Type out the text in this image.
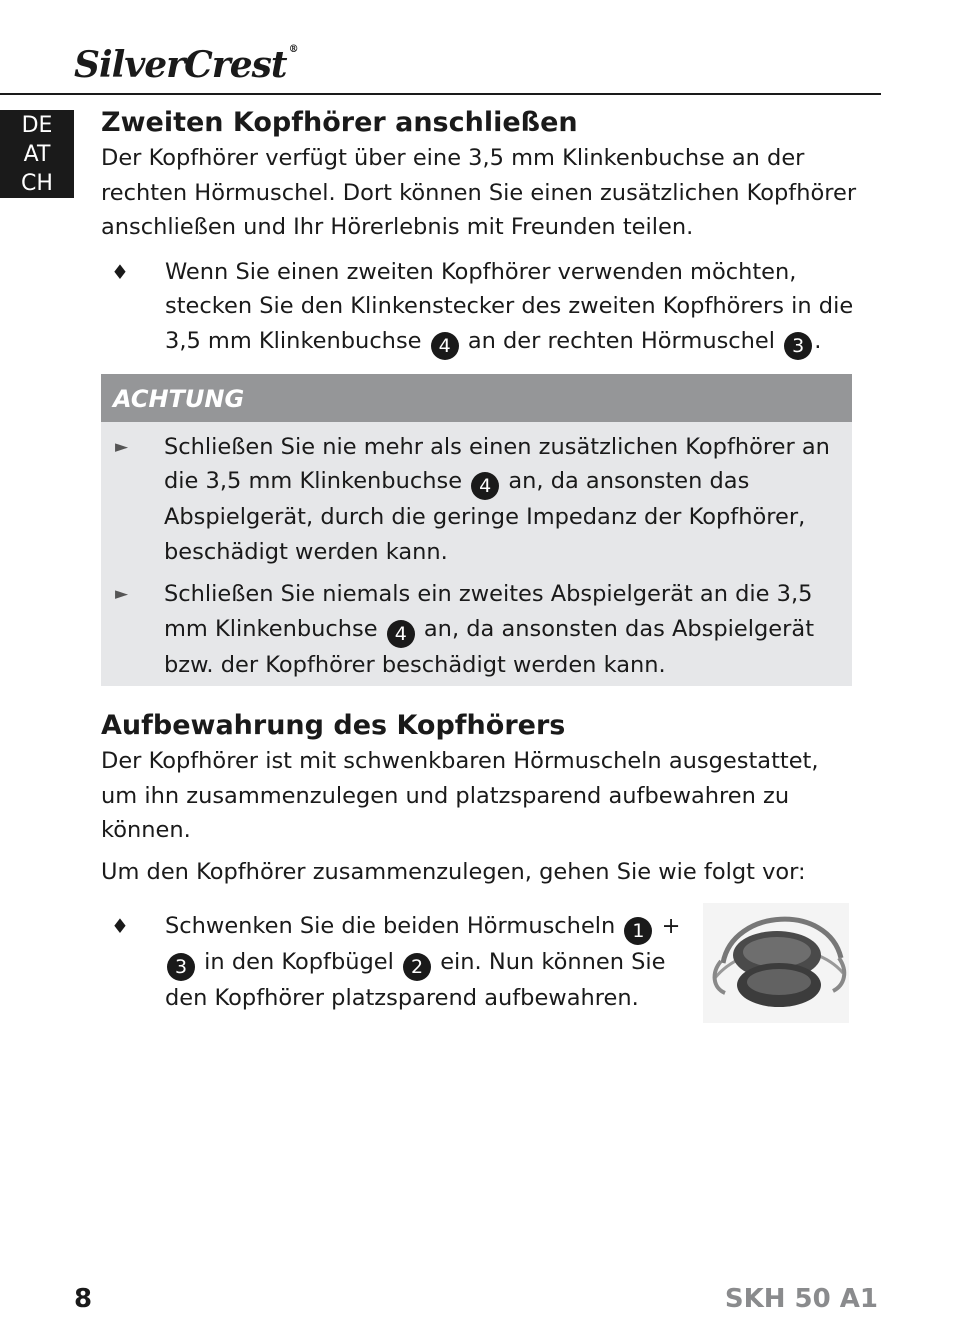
SilverCrest ®
DE
AT
CH
Zweiten Kopfhörer anschließen

Der Kopfhörer verfügt über eine 3,5 mm Klinkenbuchse an der rechten Hörmuschel. Dort können Sie einen zusätzlichen Kopfhörer anschließen und Ihr Hörerlebnis mit Freunden teilen.

♦	Wenn Sie einen zweiten Kopfhörer verwenden möchten, stecken Sie den Klinkenstecker des zweiten Kopfhörers in die 3,5 mm Klinkenbuchse 4 an der rechten Hörmuschel 3 .
ACHTUNG
►	Schließen Sie nie mehr als einen zusätzlichen Kopfhörer an die 3,5 mm Klinkenbuchse 4 an, da ansonsten das Abspielgerät, durch die geringe Impedanz der Kopfhörer, beschädigt werden kann.
►	Schließen Sie niemals ein zweites Abspielgerät an die 3,5 mm Klinkenbuchse 4 an, da ansonsten das Abspielgerät bzw. der Kopfhörer beschädigt werden kann.
Aufbewahrung des Kopfhörers

Der Kopfhörer ist mit schwenkbaren Hörmuscheln ausgestattet, um ihn zusammenzulegen und platzsparend aufbewahren zu können.

Um den Kopfhörer zusammenzulegen, gehen Sie wie folgt vor:

♦	Schwenken Sie die beiden Hörmuscheln 1 + 3 in den Kopfbügel 2 ein. Nun können Sie den Kopfhörer platzsparend aufbewahren.
8	SKH 50 A1
